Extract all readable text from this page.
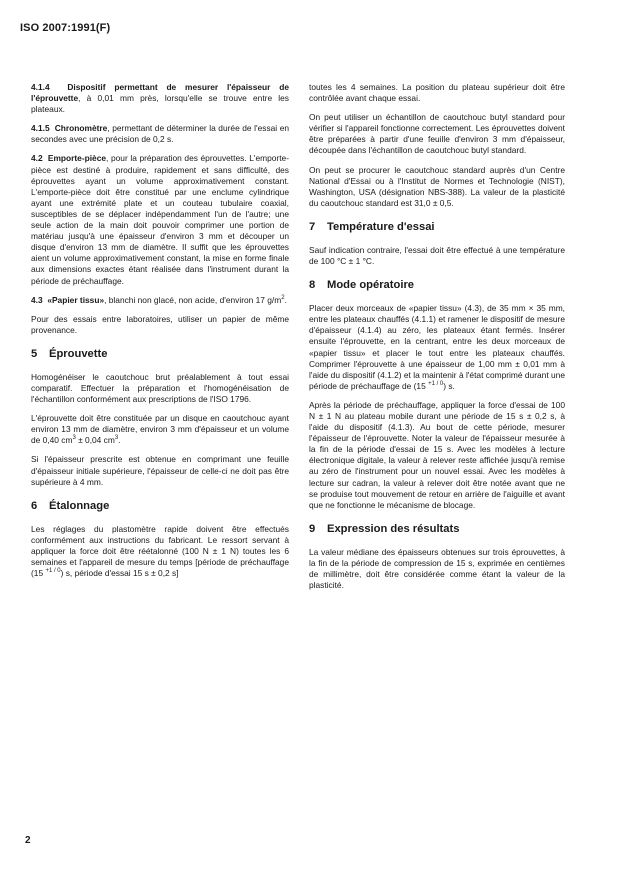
ISO 2007:1991(F)

4.1.4 Dispositif permettant de mesurer l'épaisseur de l'éprouvette, à 0,01 mm près, lorsqu'elle se trouve entre les plateaux.

4.1.5 Chronomètre, permettant de déterminer la durée de l'essai en secondes avec une précision de 0,2 s.

4.2 Emporte-pièce, pour la préparation des éprouvettes. L'emporte-pièce est destiné à produire, rapidement et sans difficulté, des éprouvettes ayant un volume approximativement constant. L'emporte-pièce doit être constitué par une enclume cylindrique ayant une extrémité plate et un couteau tubulaire coaxial, susceptibles de se déplacer indépendamment l'un de l'autre; une seule action de la main doit pouvoir comprimer une portion de matériau jusqu'à une épaisseur d'environ 3 mm et découper un disque d'environ 13 mm de diamètre. Il suffit que les éprouvettes aient un volume approximativement constant, la mise en forme finale aux dimensions exactes étant réalisée dans l'instrument durant la période de préchauffage.

4.3 «Papier tissu», blanchi non glacé, non acide, d'environ 17 $g/m^2$.

Pour des essais entre laboratoires, utiliser un papier de même provenance.

5 Éprouvette

Homogénéiser le caoutchouc brut préalablement à tout essai comparatif. Effectuer la préparation et l'homogénéisation de l'échantillon conformément aux prescriptions de l'ISO 1796.

L'éprouvette doit être constituée par un disque en caoutchouc ayant environ 13 mm de diamètre, environ 3 mm d'épaisseur et un volume de 0,40 $cm^3 \pm 0,04$ $cm^3$.

Si l'épaisseur prescrite est obtenue en comprimant une feuille d'épaisseur initiale supérieure, l'épaisseur de celle-ci ne doit pas être supérieure à 4 mm.

6 Étalonnage

Les réglages du plastomètre rapide doivent être effectués conformément aux instructions du fabricant. Le ressort servant à appliquer la force doit être réétalonné (100 N ± 1 N) toutes les 6 semaines et l'appareil de mesure du temps [période de préchauffage (15 $^{+1 / 0}$) s, période d'essai 15 s ± 0,2 s]

toutes les 4 semaines. La position du plateau supérieur doit être contrôlée avant chaque essai.

On peut utiliser un échantillon de caoutchouc butyl standard pour vérifier si l'appareil fonctionne correctement. Les éprouvettes doivent être préparées à partir d'une feuille d'environ 3 mm d'épaisseur, découpée dans l'échantillon de caoutchouc butyl standard.

On peut se procurer le caoutchouc standard auprès d'un Centre National d'Essai ou à l'Institut de Normes et Technologie (NIST), Washington, USA (désignation NBS-388). La valeur de la plasticité du caoutchouc standard est 31,0 ± 0,5.

7 Température d'essai

Sauf indication contraire, l'essai doit être effectué à une température de 100 °C ± 1 °C.

8 Mode opératoire

Placer deux morceaux de «papier tissu» (4.3), de 35 mm × 35 mm, entre les plateaux chauffés (4.1.1) et ramener le dispositif de mesure d'épaisseur (4.1.4) au zéro, les plateaux étant fermés. Insérer ensuite l'éprouvette, en la centrant, entre les deux morceaux de «papier tissu» et placer le tout entre les plateaux chauffés. Comprimer l'éprouvette à une épaisseur de 1,00 mm ± 0,01 mm à l'aide du dispositif (4.1.2) et la maintenir à l'état comprimé durant une période de préchauffage de (15 $^{+1 / 0}$) s.

Après la période de préchauffage, appliquer la force d'essai de 100 N ± 1 N au plateau mobile durant une période de 15 s ± 0,2 s, à l'aide du dispositif (4.1.3). Au bout de cette période, mesurer l'épaisseur de l'éprouvette. Noter la valeur de l'épaisseur mesurée à la fin de la période d'essai de 15 s. Avec les modèles à lecture électronique digitale, la valeur à relever reste affichée jusqu'à remise au zéro de l'instrument pour un nouvel essai. Avec les modèles à lecture sur cadran, la valeur à relever doit être notée avant que ne se produise tout mouvement de retour en arrière de l'aiguille et avant que ne fonctionne le mécanisme de blocage.

9 Expression des résultats

La valeur médiane des épaisseurs obtenues sur trois éprouvettes, à la fin de la période de compression de 15 s, exprimée en centièmes de millimètre, doit être considérée comme étant la valeur de la plasticité.

2
